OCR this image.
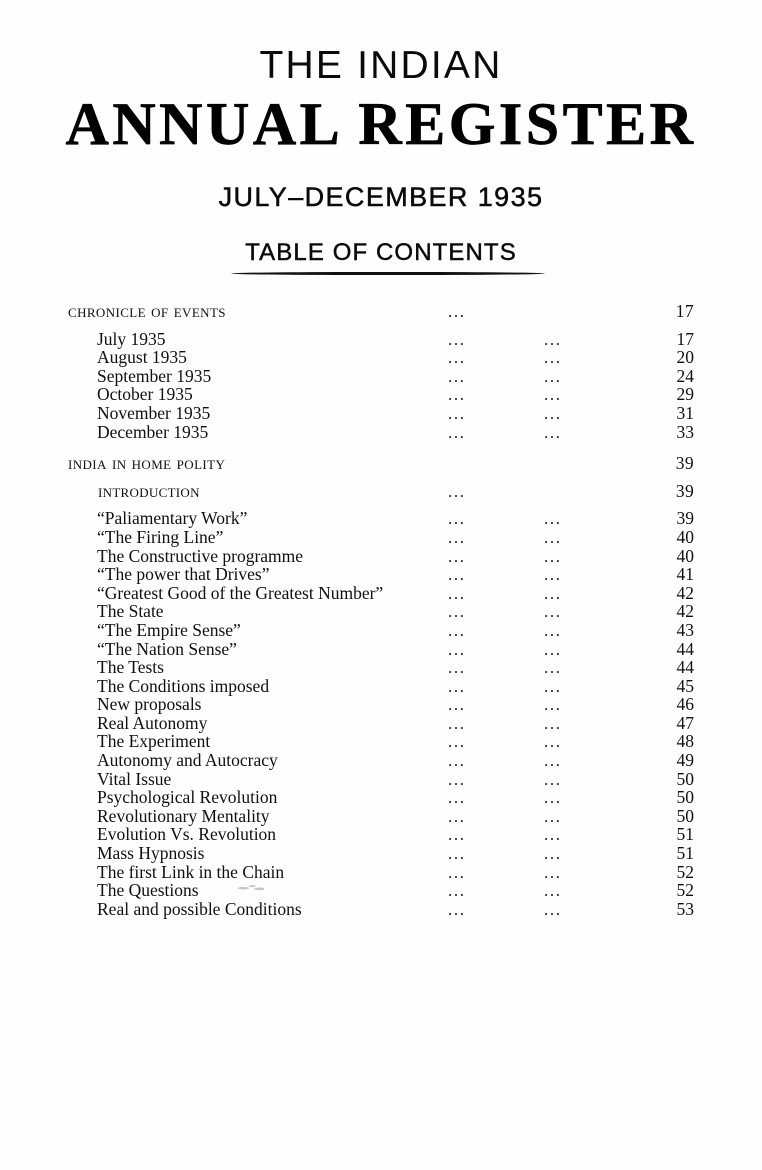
THE INDIAN
ANNUAL REGISTER
JULY–DECEMBER 1935
TABLE OF CONTENTS
chronicle of events	...	17
July 1935	...	...	17
August 1935	...	...	20
September 1935	...	...	24
October 1935	...	...	29
November 1935	...	...	31
December 1935	...	...	33
india in home polity	39
introduction	...	39
“Paliamentary Work”	...	...	39
“The Firing Line”	...	...	40
The Constructive programme	...	...	40
“The power that Drives”	...	...	41
“Greatest Good of the Greatest Number”	...	...	42
The State	...	...	42
“The Empire Sense”	...	...	43
“The Nation Sense”	...	...	44
The Tests	...	...	44
The Conditions imposed	...	...	45
New proposals	...	...	46
Real Autonomy	...	...	47
The Experiment	...	...	48
Autonomy and Autocracy	...	...	49
Vital Issue	...	...	50
Psychological Revolution	...	...	50
Revolutionary Mentality	...	...	50
Evolution Vs. Revolution	...	...	51
Mass Hypnosis	...	...	51
The first Link in the Chain	...	...	52
The Questions	...	...	52
Real and possible Conditions	...	...	53
